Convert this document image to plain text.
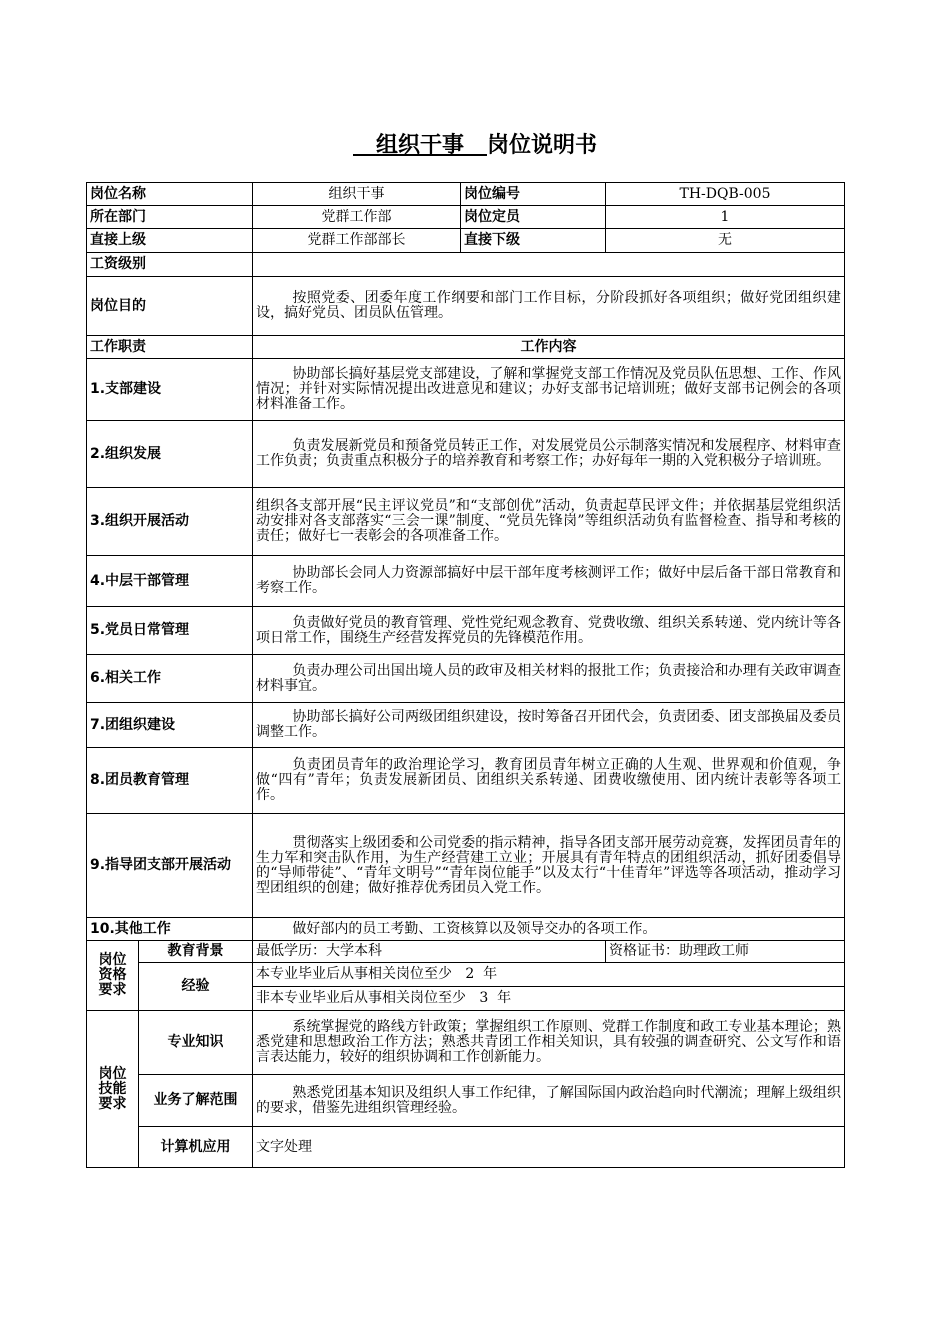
组织干事 岗位说明书
岗位名称		组织干事	岗位编号	TH-DQB-005
所在部门		党群工作部	岗位定员	1
直接上级		党群工作部部长	直接下级	无
工资级别				
岗位目的		按照党委、团委年度工作纲要和部门工作目标，分阶段抓好各项组织；做好党团组织建设，搞好党员、团员队伍管理。		
工作职责		工作内容		
1.支部建设		协助部长搞好基层党支部建设，了解和掌握党支部工作情况及党员队伍思想、工作、作风情况；并针对实际情况提出改进意见和建议；办好支部书记培训班；做好支部书记例会的各项材料准备工作。		
2.组织发展		负责发展新党员和预备党员转正工作，对发展党员公示制落实情况和发展程序、材料审查工作负责；负责重点积极分子的培养教育和考察工作；办好每年一期的入党积极分子培训班。		
3.组织开展活动		组织各支部开展“民主评议党员”和“支部创优”活动，负责起草民评文件；并依据基层党组织活动安排对各支部落实“三会一课”制度、“党员先锋岗”等组织活动负有监督检查、指导和考核的责任；做好七一表彰会的各项准备工作。		
4.中层干部管理		协助部长会同人力资源部搞好中层干部年度考核测评工作；做好中层后备干部日常教育和考察工作。		
5.党员日常管理		负责做好党员的教育管理、党性党纪观念教育、党费收缴、组织关系转递、党内统计等各项日常工作，围绕生产经营发挥党员的先锋模范作用。		
6.相关工作		负责办理公司出国出境人员的政审及相关材料的报批工作；负责接洽和办理有关政审调查材料事宜。		
7.团组织建设		协助部长搞好公司两级团组织建设，按时筹备召开团代会，负责团委、团支部换届及委员调整工作。		
8.团员教育管理		负责团员青年的政治理论学习，教育团员青年树立正确的人生观、世界观和价值观，争做“四有”青年；负责发展新团员、团组织关系转递、团费收缴使用、团内统计表彰等各项工作。		
9.指导团支部开展活动		贯彻落实上级团委和公司党委的指示精神，指导各团支部开展劳动竞赛，发挥团员青年的生力军和突击队作用，为生产经营建工立业；开展具有青年特点的团组织活动，抓好团委倡导的“导师带徒”、“青年文明号”“青年岗位能手”以及太行“十佳青年”评选等各项活动，推动学习型团组织的创建；做好推荐优秀团员入党工作。		
10.其他工作		做好部内的员工考勤、工资核算以及领导交办的各项工作。		
岗位资格要求	教育背景	最低学历：大学本科		资格证书：助理政工师
	经验	本专业毕业后从事相关岗位至少   2  年		
		非本专业毕业后从事相关岗位至少   3  年		
岗位技能要求	专业知识	系统掌握党的路线方针政策；掌握组织工作原则、党群工作制度和政工专业基本理论；熟悉党建和思想政治工作方法；熟悉共青团工作相关知识，具有较强的调查研究、公文写作和语言表达能力，较好的组织协调和工作创新能力。		
	业务了解范围	熟悉党团基本知识及组织人事工作纪律，了解国际国内政治趋向时代潮流；理解上级组织的要求，借鉴先进组织管理经验。		
	计算机应用	文字处理		
